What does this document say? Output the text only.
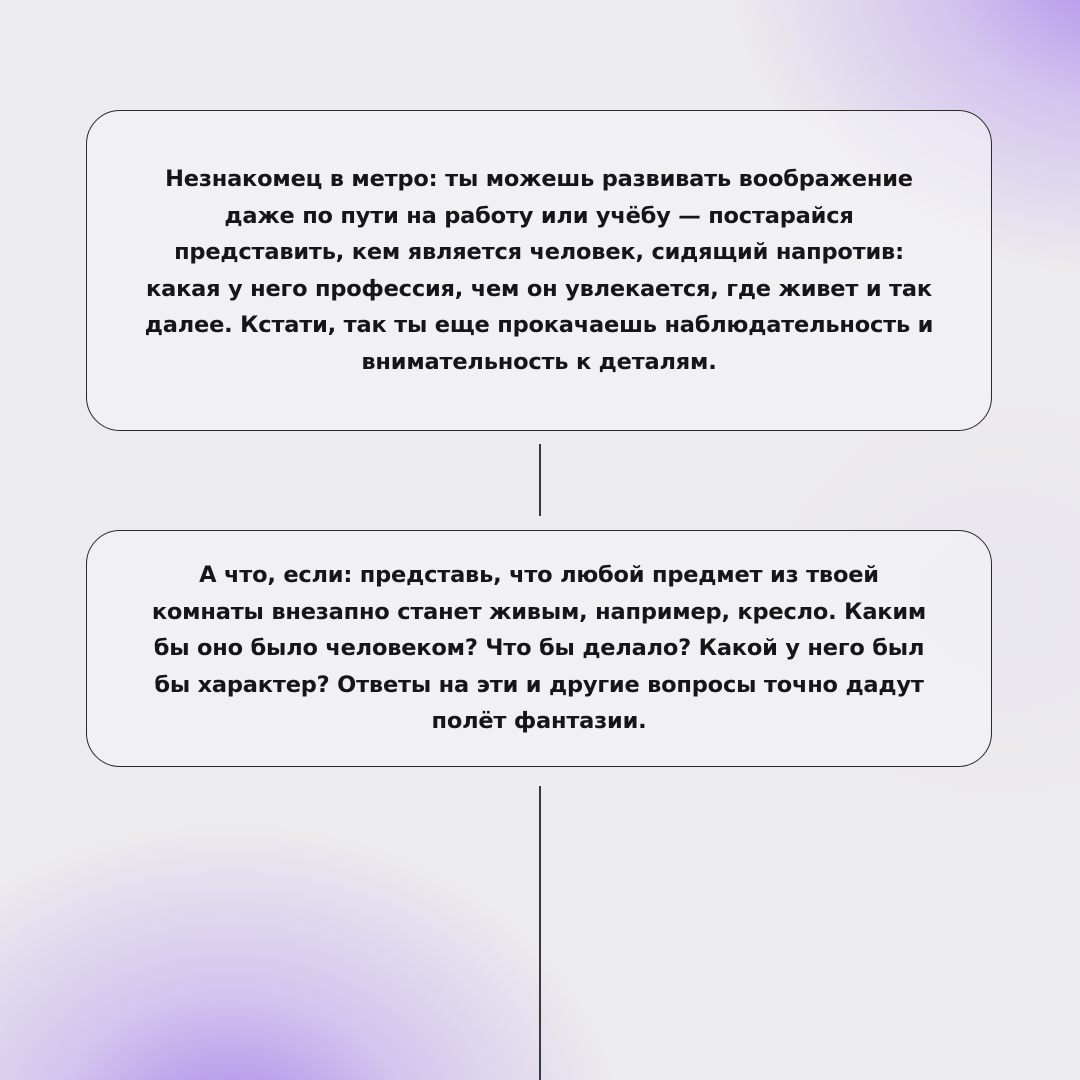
Незнакомец в метро: ты можешь развивать воображение даже по пути на работу или учёбу — постарайся представить, кем является человек, сидящий напротив: какая у него профессия, чем он увлекается, где живет и так далее. Кстати, так ты еще прокачаешь наблюдательность и внимательность к деталям.

А что, если: представь, что любой предмет из твоей комнаты внезапно станет живым, например, кресло. Каким бы оно было человеком? Что бы делало? Какой у него был бы характер? Ответы на эти и другие вопросы точно дадут полёт фантазии.
